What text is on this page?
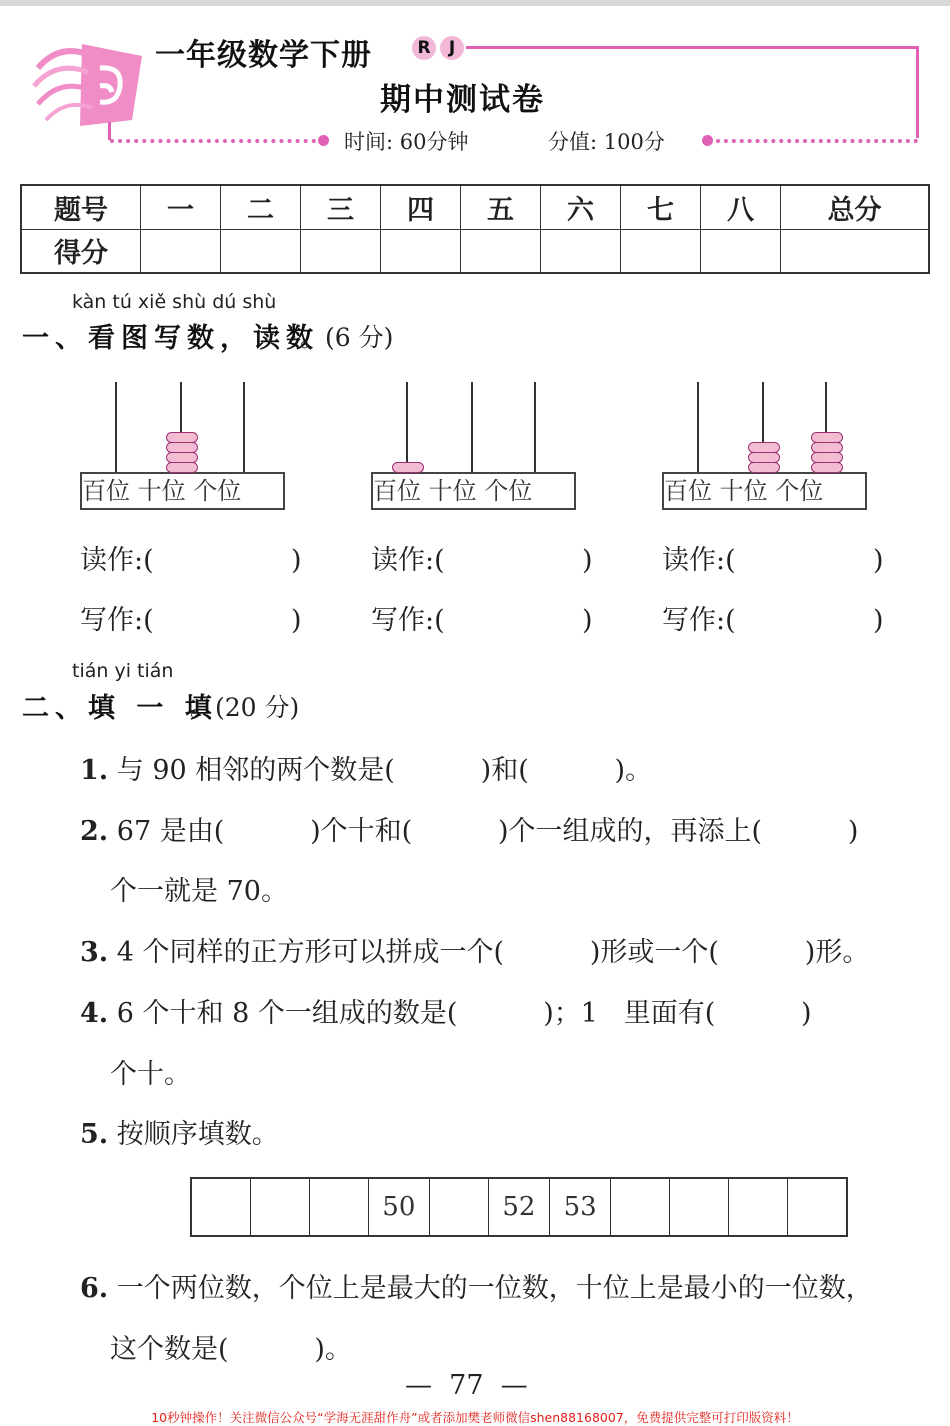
一年级数学下册	R	J
期中测试卷
时间: 60分钟	分值: 100分
题号	一	二	三	四	五	六	七	八	总分
得分									
kàn tú xiě shù dú shù
一、看图写数，读数
。(6 分)
百位 十位 个位	百位 十位 个位	百位 十位 个位
读作:(                )	读作:(                )	读作:(                )
写作:(                )	写作:(                )	写作:(                )
tián yi tián
二、填 一 填
。(20 分)
1. 与 90 相邻的两个数是(          )和(          )。
2. 67 是由(          )个十和(          )个一组成的，再添上(          )
个一就是 70。
3. 4 个同样的正方形可以拼成一个(          )形或一个(          )形。
4. 6 个十和 8 个一组成的数是(          )；1   里面有(          )
个十。
5. 按顺序填数。
			50		52	53				
6. 一个两位数，个位上是最大的一位数，十位上是最小的一位数，
这个数是(          )。
—  77  —
10秒钟操作！关注微信公众号“学海无涯甜作舟”或者添加樊老师微信shen88168007，免费提供完整可打印版资料！
